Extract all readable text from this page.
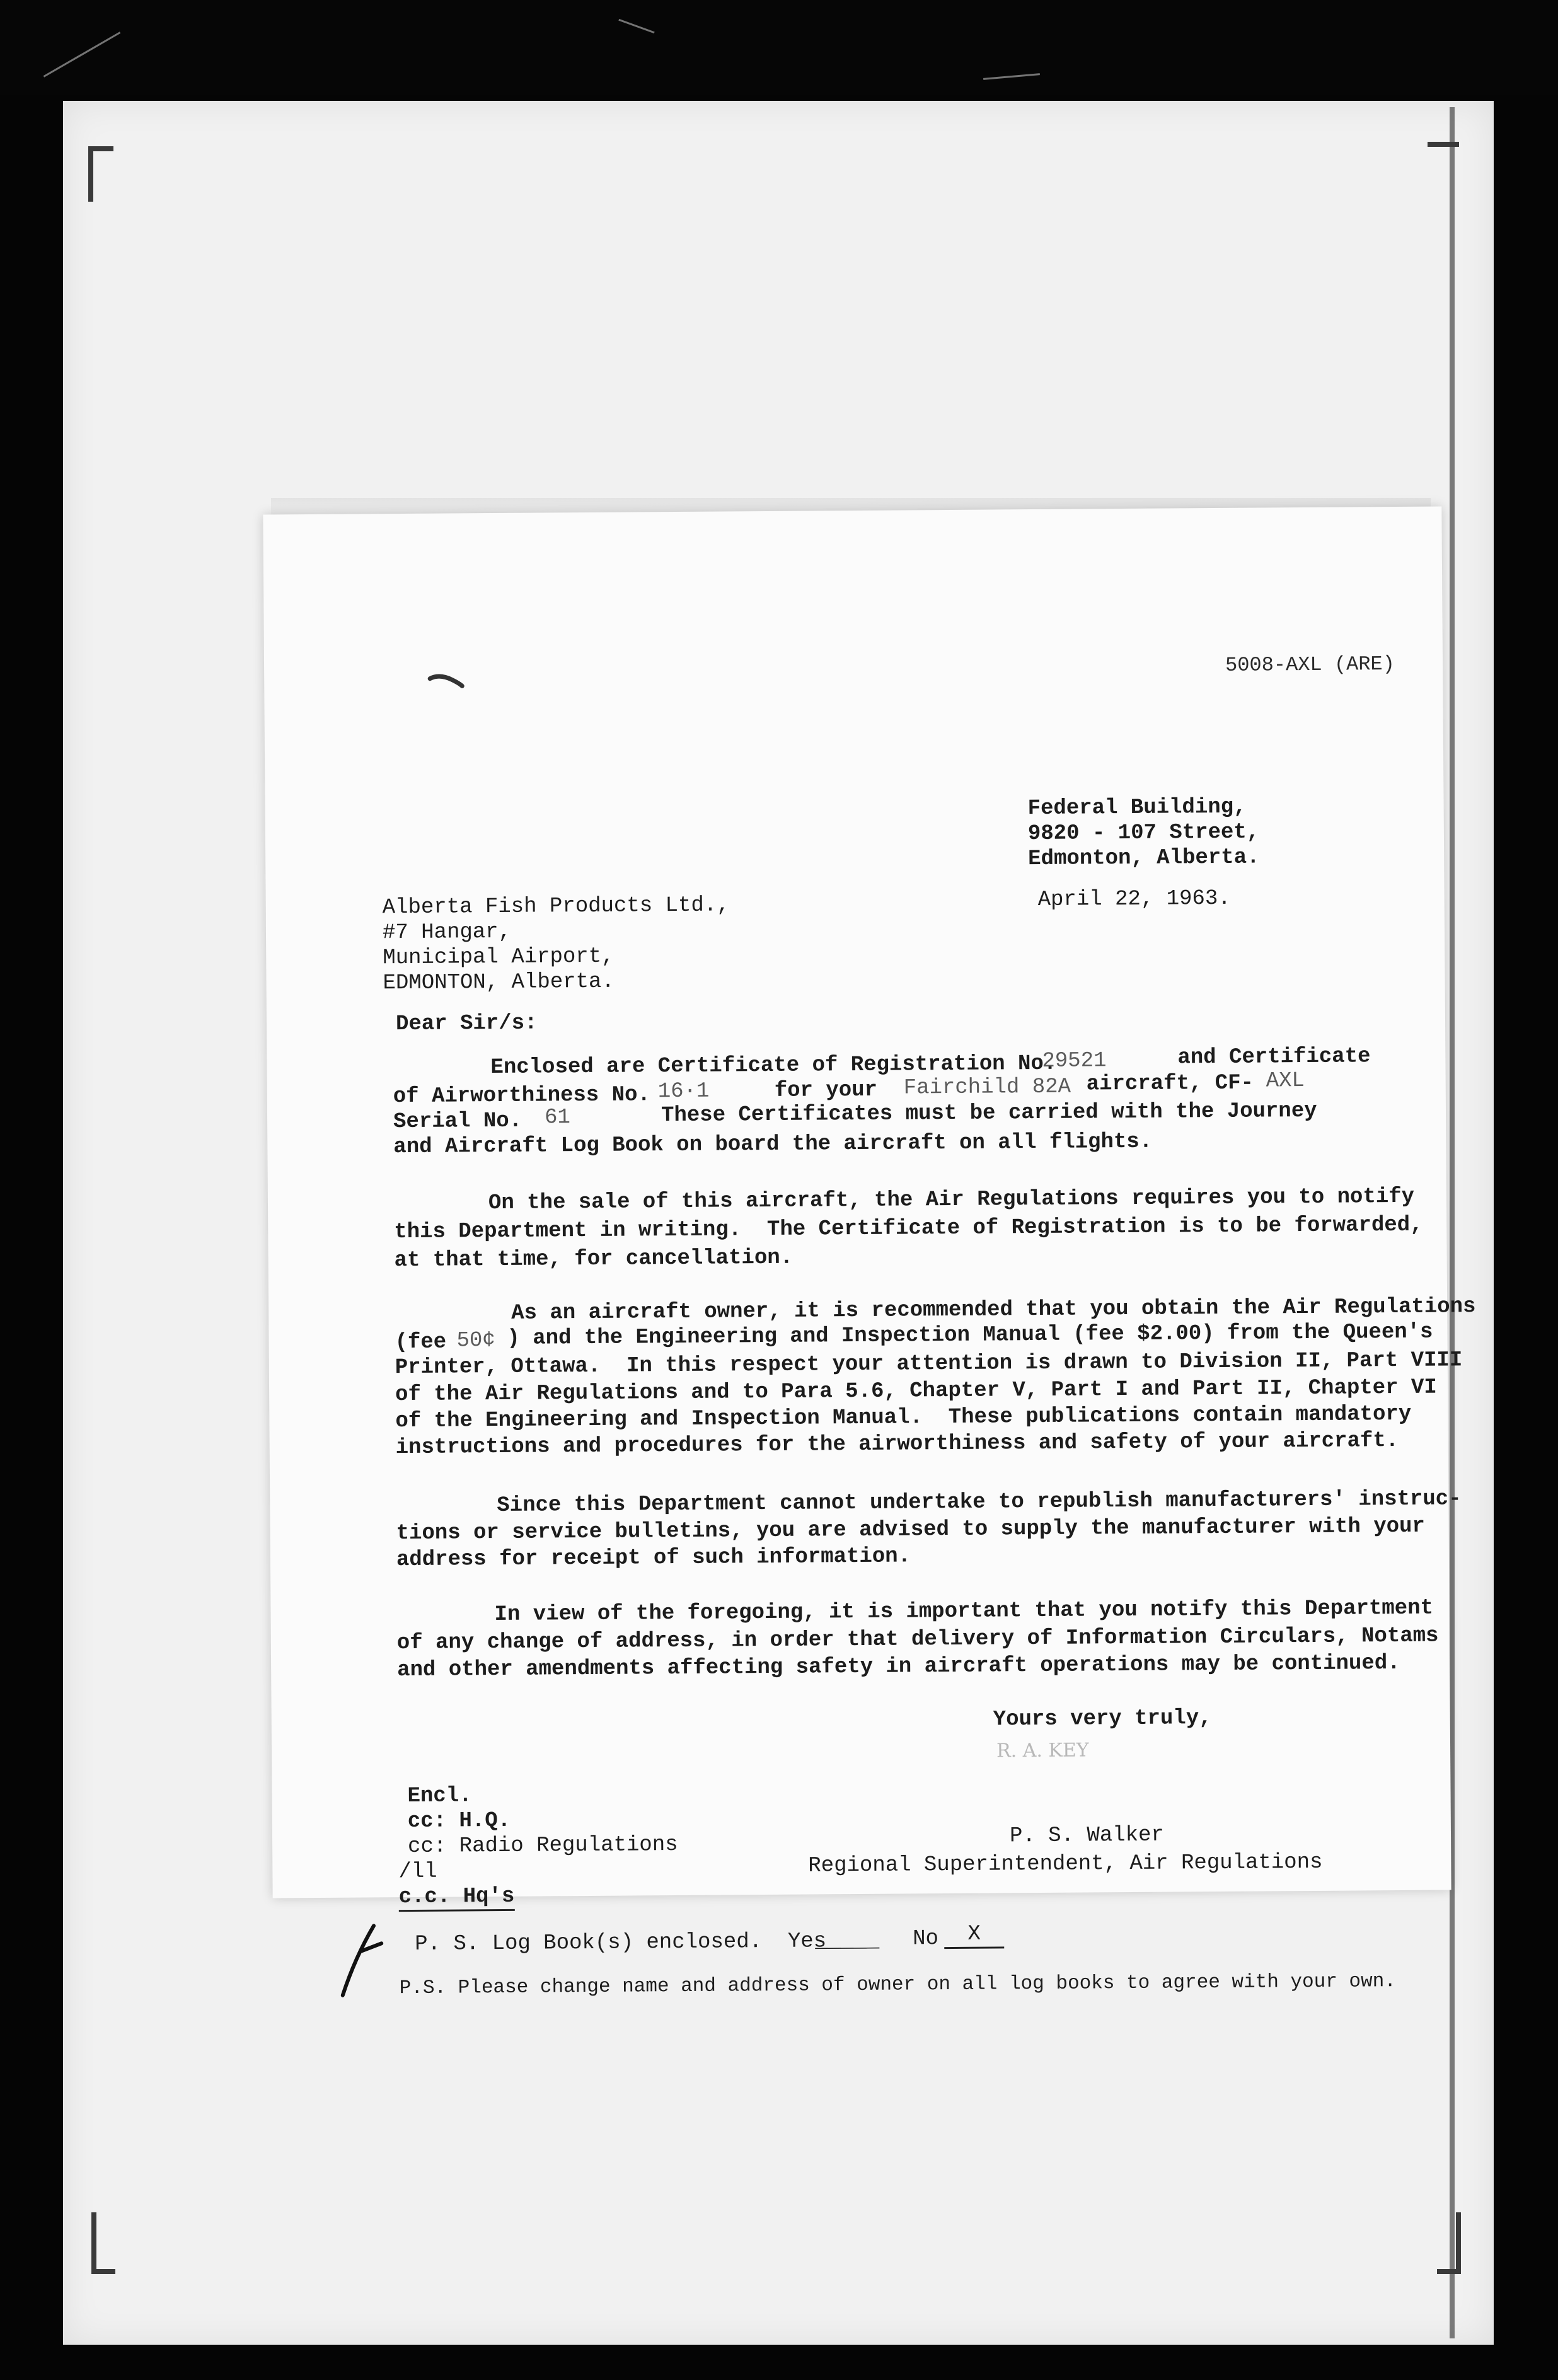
5008-AXL (ARE)
Federal Building,
9820 - 107 Street,
Edmonton, Alberta.
April 22, 1963.
Alberta Fish Products Ltd.,
#7 Hangar,
Municipal Airport,
EDMONTON, Alberta.
Dear Sir/s:
Enclosed are Certificate of Registration No.
29521	and Certificate
of Airworthiness No. 16·1	for your Fairchild 82A aircraft, CF- AXL
Serial No. 61	These Certificates must be carried with the Journey
and Aircraft Log Book on board the aircraft on all flights.
On the sale of this aircraft, the Air Regulations requires you to notify
this Department in writing.  The Certificate of Registration is to be forwarded,
at that time, for cancellation.
As an aircraft owner, it is recommended that you obtain the Air Regulations
(fee 50¢ ) and the Engineering and Inspection Manual (fee $2.00) from the Queen's
Printer, Ottawa.  In this respect your attention is drawn to Division II, Part VIII
of the Air Regulations and to Para 5.6, Chapter V, Part I and Part II, Chapter VI
of the Engineering and Inspection Manual.  These publications contain mandatory
instructions and procedures for the airworthiness and safety of your aircraft.
Since this Department cannot undertake to republish manufacturers' instruc-
tions or service bulletins, you are advised to supply the manufacturer with your
address for receipt of such information.
In view of the foregoing, it is important that you notify this Department
of any change of address, in order that delivery of Information Circulars, Notams
and other amendments affecting safety in aircraft operations may be continued.
Yours very truly,
R. A. KEY
Encl.
cc: H.Q.
cc: Radio Regulations
/ll
c.c. Hq's
P. S. Walker
Regional Superintendent, Air Regulations
P. S. Log Book(s) enclosed.  Yes
_____ No	X
P.S. Please change name and address of owner on all log books to agree with your own.
